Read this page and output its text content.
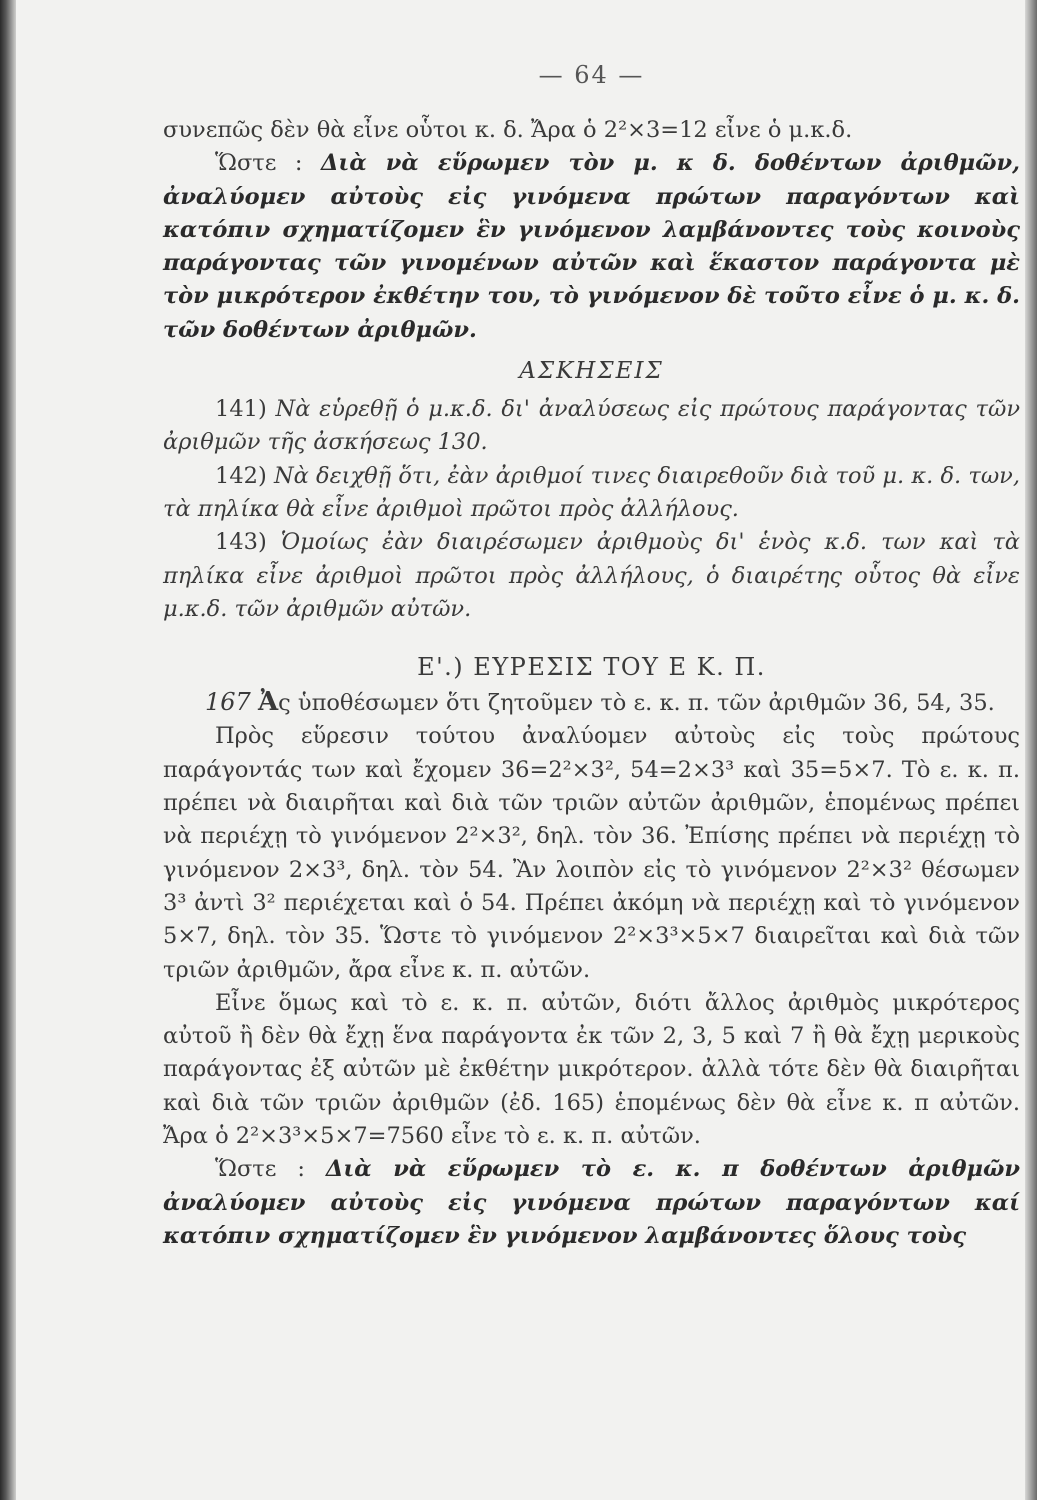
— 64 —

συνεπῶς δὲν θὰ εἶνε οὗτοι κ. δ. Ἄρα ὁ 2²×3=12 εἶνε ὁ μ.κ.δ.

Ὥστε : Διὰ νὰ εὕρωμεν τὸν μ. κ δ. δοθέντων ἀριθμῶν, ἀναλύομεν αὐτοὺς εἰς γινόμενα πρώτων παραγόντων καὶ κατόπιν σχηματίζομεν ἓν γινόμενον λαμβάνοντες τοὺς κοινοὺς παράγοντας τῶν γινομένων αὐτῶν καὶ ἕκαστον παράγοντα μὲ τὸν μικρότερον ἐκθέτην του, τὸ γινόμενον δὲ τοῦτο εἶνε ὁ μ. κ. δ. τῶν δοθέντων ἀριθμῶν.

ΑΣΚΗΣΕΙΣ

141) Νὰ εὑρεθῇ ὁ μ.κ.δ. δι' ἀναλύσεως εἰς πρώτους παράγοντας τῶν ἀριθμῶν τῆς ἀσκήσεως 130.

142) Νὰ δειχθῇ ὅτι, ἐὰν ἀριθμοί τινες διαιρεθοῦν διὰ τοῦ μ. κ. δ. των, τὰ πηλίκα θὰ εἶνε ἀριθμοὶ πρῶτοι πρὸς ἀλλήλους.

143) Ὁμοίως ἐὰν διαιρέσωμεν ἀριθμοὺς δι' ἑνὸς κ.δ. των καὶ τὰ πηλίκα εἶνε ἀριθμοὶ πρῶτοι πρὸς ἀλλήλους, ὁ διαιρέτης οὗτος θὰ εἶνε μ.κ.δ. τῶν ἀριθμῶν αὐτῶν.

Ε'.) ΕΥΡΕΣΙΣ ΤΟΥ Ε Κ. Π.

167 Ἀς ὑποθέσωμεν ὅτι ζητοῦμεν τὸ ε. κ. π. τῶν ἀριθμῶν 36, 54, 35.

Πρὸς εὕρεσιν τούτου ἀναλύομεν αὐτοὺς εἰς τοὺς πρώτους παράγοντάς των καὶ ἔχομεν 36=2²×3², 54=2×3³ καὶ 35=5×7. Τὸ ε. κ. π. πρέπει νὰ διαιρῆται καὶ διὰ τῶν τριῶν αὐτῶν ἀριθμῶν, ἑπομένως πρέπει νὰ περιέχῃ τὸ γινόμενον 2²×3², δηλ. τὸν 36. Ἐπίσης πρέπει νὰ περιέχῃ τὸ γινόμενον 2×3³, δηλ. τὸν 54. Ἂν λοιπὸν εἰς τὸ γινόμενον 2²×3² θέσωμεν 3³ ἀντὶ 3² περιέχεται καὶ ὁ 54. Πρέπει ἀκόμη νὰ περιέχῃ καὶ τὸ γινόμενον 5×7, δηλ. τὸν 35. Ὥστε τὸ γινόμενον 2²×3³×5×7 διαιρεῖται καὶ διὰ τῶν τριῶν ἀριθμῶν, ἄρα εἶνε κ. π. αὐτῶν.

Εἶνε ὅμως καὶ τὸ ε. κ. π. αὐτῶν, διότι ἄλλος ἀριθμὸς μικρότερος αὐτοῦ ἢ δὲν θὰ ἔχῃ ἕνα παράγοντα ἐκ τῶν 2, 3, 5 καὶ 7 ἢ θὰ ἔχῃ μερικοὺς παράγοντας ἐξ αὐτῶν μὲ ἐκθέτην μικρότερον. ἀλλὰ τότε δὲν θὰ διαιρῆται καὶ διὰ τῶν τριῶν ἀριθμῶν (ἐδ. 165) ἑπομένως δὲν θὰ εἶνε κ. π αὐτῶν. Ἄρα ὁ 2²×3³×5×7=7560 εἶνε τὸ ε. κ. π. αὐτῶν.

Ὥστε : Διὰ νὰ εὕρωμεν τὸ ε. κ. π δοθέντων ἀριθμῶν ἀναλύομεν αὐτοὺς εἰς γινόμενα πρώτων παραγόντων καί κατόπιν σχηματίζομεν ἓν γινόμενον λαμβάνοντες ὅλους τοὺς
